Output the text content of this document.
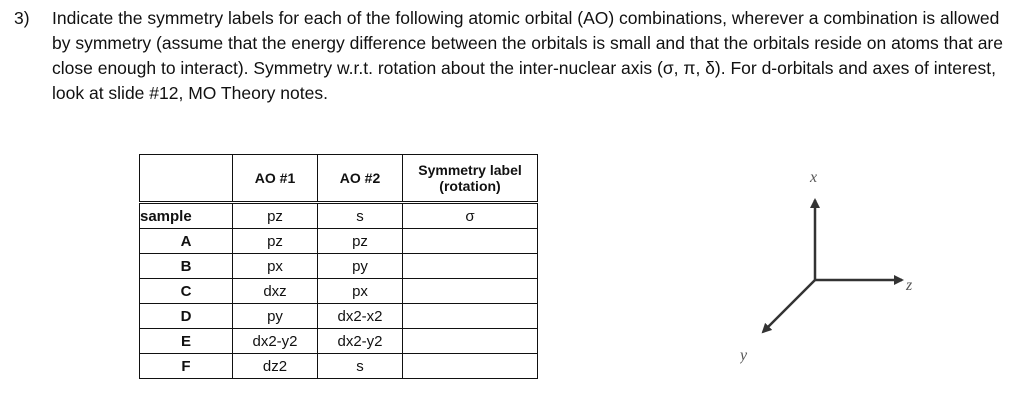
3) Indicate the symmetry labels for each of the following atomic orbital (AO) combinations, wherever a combination is allowed by symmetry (assume that the energy difference between the orbitals is small and that the orbitals reside on atoms that are close enough to interact). Symmetry w.r.t. rotation about the inter-nuclear axis (σ, π, δ). For d-orbitals and axes of interest, look at slide #12, MO Theory notes.
	AO #1	AO #2	Symmetry label
(rotation)

sample	pz	s	σ
A	pz	pz	
B	px	py	
C	dxz	px	
D	py	dx2-x2	
E	dx2-y2	dx2-y2	
F	dz2	s	
x
z
y
